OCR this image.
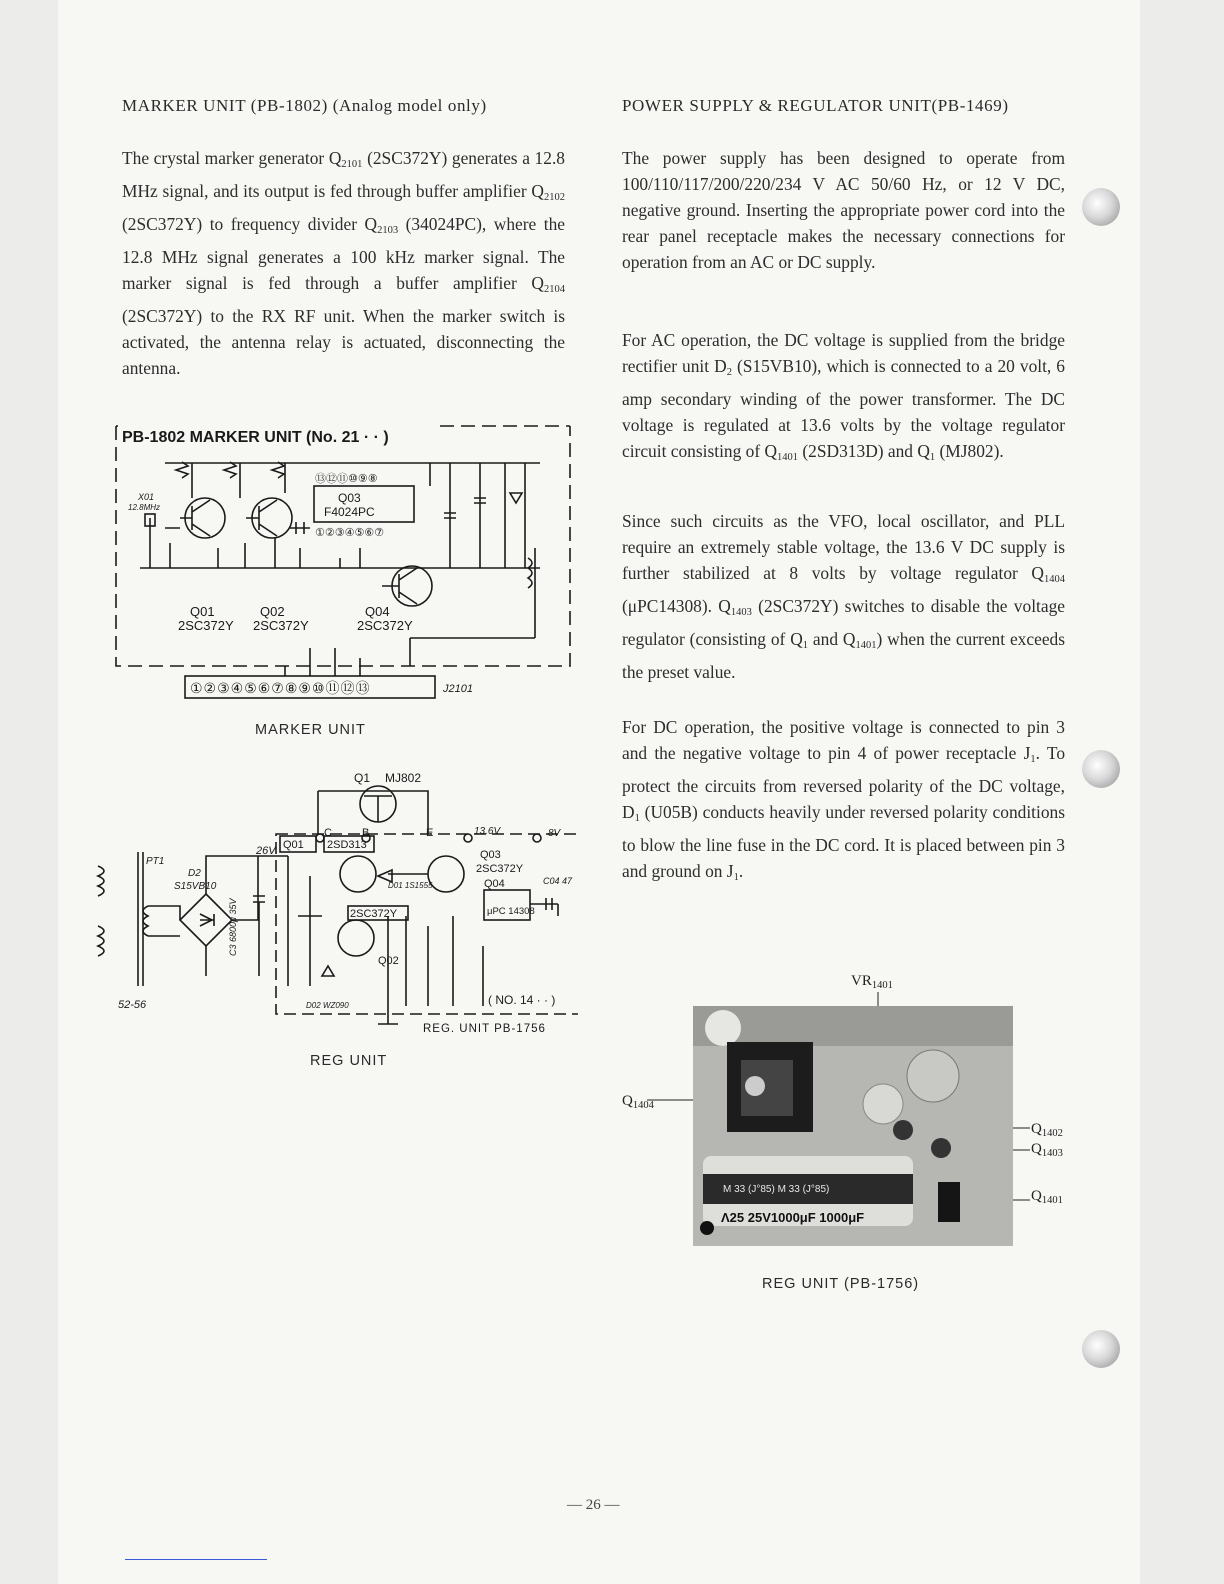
MARKER UNIT (PB-1802) (Analog model only)
The crystal marker generator $Q_{2101}$ (2SC372Y) generates a 12.8 MHz signal, and its output is fed through buffer amplifier $Q_{2102}$ (2SC372Y) to frequency divider $Q_{2103}$ (34024PC), where the 12.8 MHz signal generates a 100 kHz marker signal. The marker signal is fed through a buffer amplifier $Q_{2104}$ (2SC372Y) to the RX RF unit. When the marker switch is activated, the antenna relay is actuated, disconnecting the antenna.
PB-1802 MARKER UNIT (No. 21 · · )
⑬⑫⑪⑩⑨⑧
①②③④⑤⑥⑦
Q03
F4024PC
X01
12.8MHz
Q01
2SC372Y
Q02
2SC372Y
Q04
2SC372Y
①②③④⑤⑥⑦⑧⑨⑩⑪⑫⑬	J2101
MARKER UNIT
Q1 MJ802
26V
C	B	E	13.6V	8V
Q01 2SD313
Q03
2SC372Y
Q04
μPC 14308
C04 47
2SC372Y
Q02
D01 1S1555
D02 WZ090
PT1
D2
S15VB10
C3 6800μ 35V
52-56	( NO. 14 · · )
REG. UNIT PB-1756
REG UNIT
POWER SUPPLY & REGULATOR UNIT(PB-1469)
The power supply has been designed to operate from 100/110/117/200/220/234 V AC 50/60 Hz, or 12 V DC, negative ground. Inserting the appropriate power cord into the rear panel receptacle makes the necessary connections for operation from an AC or DC supply.
For AC operation, the DC voltage is supplied from the bridge rectifier unit $D_2$ (S15VB10), which is connected to a 20 volt, 6 amp secondary winding of the power transformer. The DC voltage is regulated at 13.6 volts by the voltage regulator circuit consisting of $Q_{1401}$ (2SD313D) and $Q_1$ (MJ802).
Since such circuits as the VFO, local oscillator, and PLL require an extremely stable voltage, the 13.6 V DC supply is further stabilized at 8 volts by voltage regulator $Q_{1404}$ (μPC14308). $Q_{1403}$ (2SC372Y) switches to disable the voltage regulator (consisting of $Q_1$ and $Q_{1401}$) when the current exceeds the preset value.
For DC operation, the positive voltage is connected to pin 3 and the negative voltage to pin 4 of power receptacle $J_1$. To protect the circuits from reversed polarity of the DC voltage, $D_1$ (U05B) conducts heavily under reversed polarity conditions to blow the line fuse in the DC cord. It is placed between pin 3 and ground on $J_1$.
$VR_{1401}$
Μ 33 (J°85) Μ 33 (J°85)
Λ25 25V1000μF 1000μF
$Q_{1404}$
$Q_{1402}$
$Q_{1403}$
$Q_{1401}$
REG UNIT (PB-1756)
— 26 —
